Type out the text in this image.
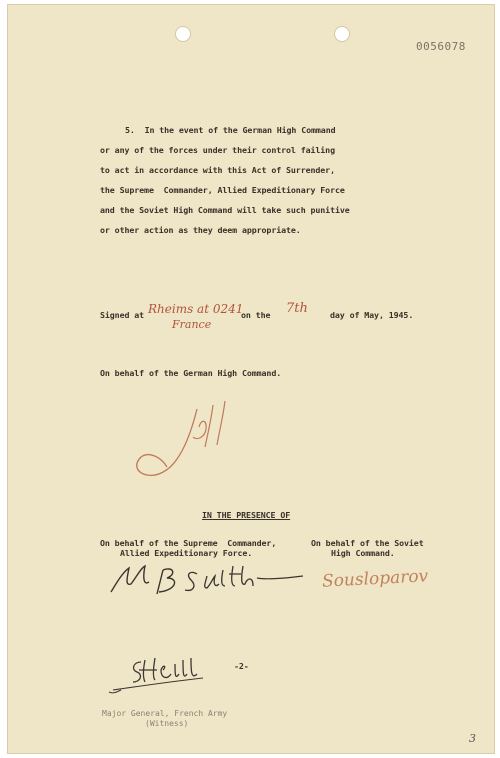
0056078
5.  In the event of the German High Command
or any of the forces under their control failing
to act in accordance with this Act of Surrender,
the Supreme  Commander, Allied Expeditionary Force
and the Soviet High Command will take such punitive
or other action as they deem appropriate.
Signed at Rheims at 0241
France
on the 7th	day of May, 1945.
On behalf of the German High Command.
IN THE PRESENCE OF
On behalf of the Supreme  Commander,
Allied Expeditionary Force.
On behalf of the Soviet
High Command.
Sousloparov
-2-
Major General, French Army
(Witness)
3
